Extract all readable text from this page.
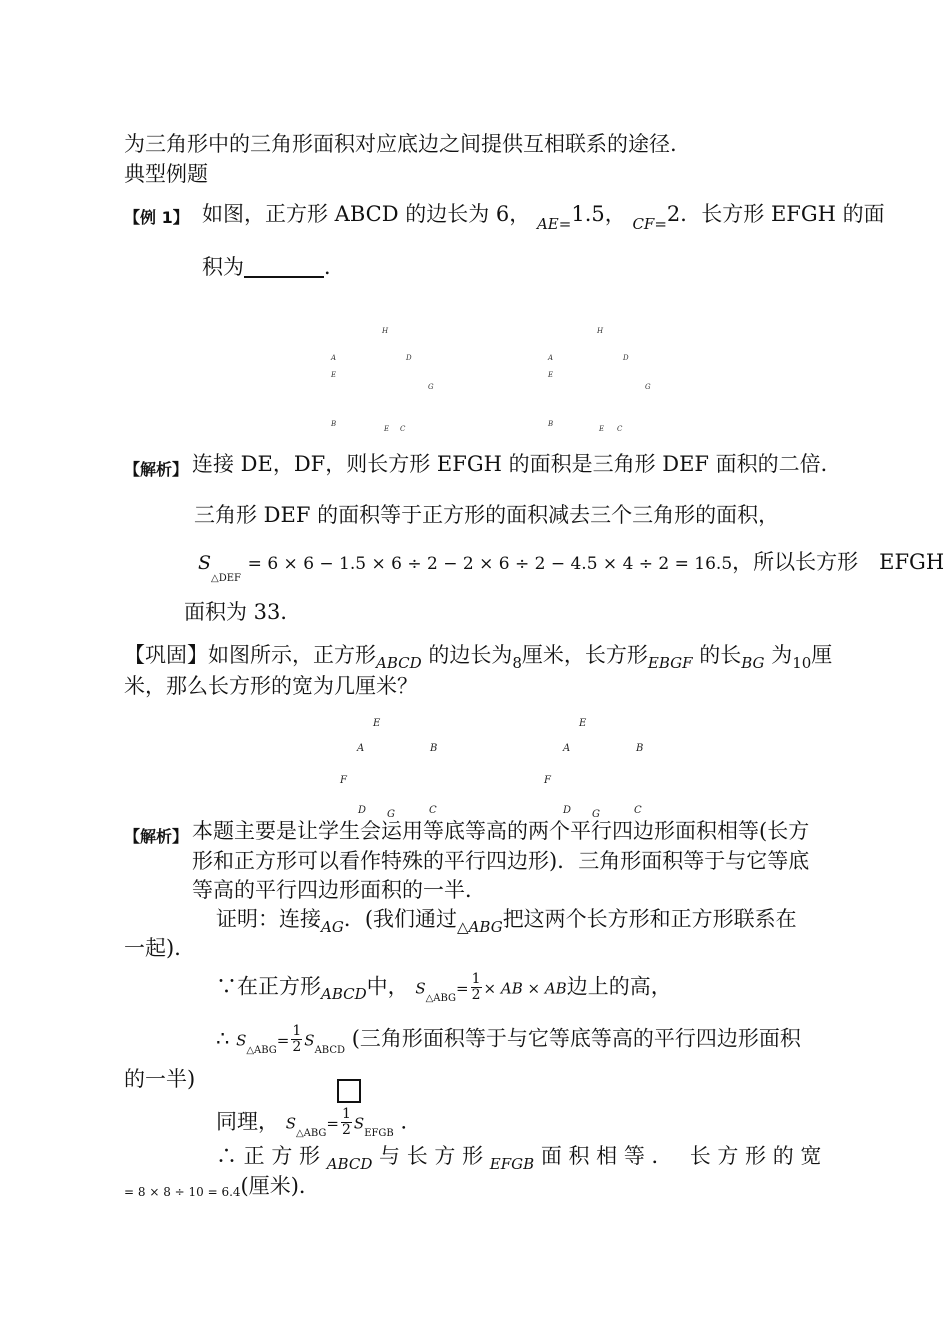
为三角形中的三角形面积对应底边之间提供互相联系的途径.
典型例题
【例 1】 如图，正方形 ABCD 的边长为 6， $_{AE=}$1.5， $_{CF=}$2．长方形 EFGH 的面
积为	．
H
A	D
E
G
B
E C
H
A	D
E
G
B
E C
【解析】 连接 DE，DF，则长方形 EFGH 的面积是三角形 DEF 面积的二倍．
三角形 DEF 的面积等于正方形的面积减去三个三角形的面积，
$S_{\triangle DEF} = 6 \times 6 - 1.5 \times 6 \div 2 - 2 \times 6 \div 2 - 4.5 \times 4 \div 2 = 16.5$，所以长方形　EFGH
面积为 33．
【巩固】如图所示，正方形$_{ABCD}$ 的边长为$_8$厘米，长方形$_{EBGF}$ 的长$_{BG}$ 为$_{10}$厘
米，那么长方形的宽为几厘米？
E
A	B
F
D G	C
E
A	B
F
D G	C
【解析】 本题主要是让学生会运用等底等高的两个平行四边形面积相等(长方
形和正方形可以看作特殊的平行四边形)．三角形面积等于与它等底
等高的平行四边形面积的一半．
证明：连接$_{AG}$．(我们通过$_{\triangle ABG}$把这两个长方形和正方形联系在
一起)．
∵在正方形$_{ABCD}$中， $S_{\triangle ABG}= \frac{1}{2}$ × AB × AB边上的高，
∴ $S_{\triangle ABG}= \frac{1}{2} S_{ABCD}$ (三角形面积等于与它等底等高的平行四边形面积
的一半)
同理， $S_{\triangle ABG}= \frac{1}{2} S_{EFGB}$ ．
∴ 正 方 形 $_{ABCD}$ 与 长 方 形 $_{EFGB}$ 面 积 相 等 ．　 长 方 形 的 宽
= 8 × 8 ÷ 10 = 6.4(厘米)．
